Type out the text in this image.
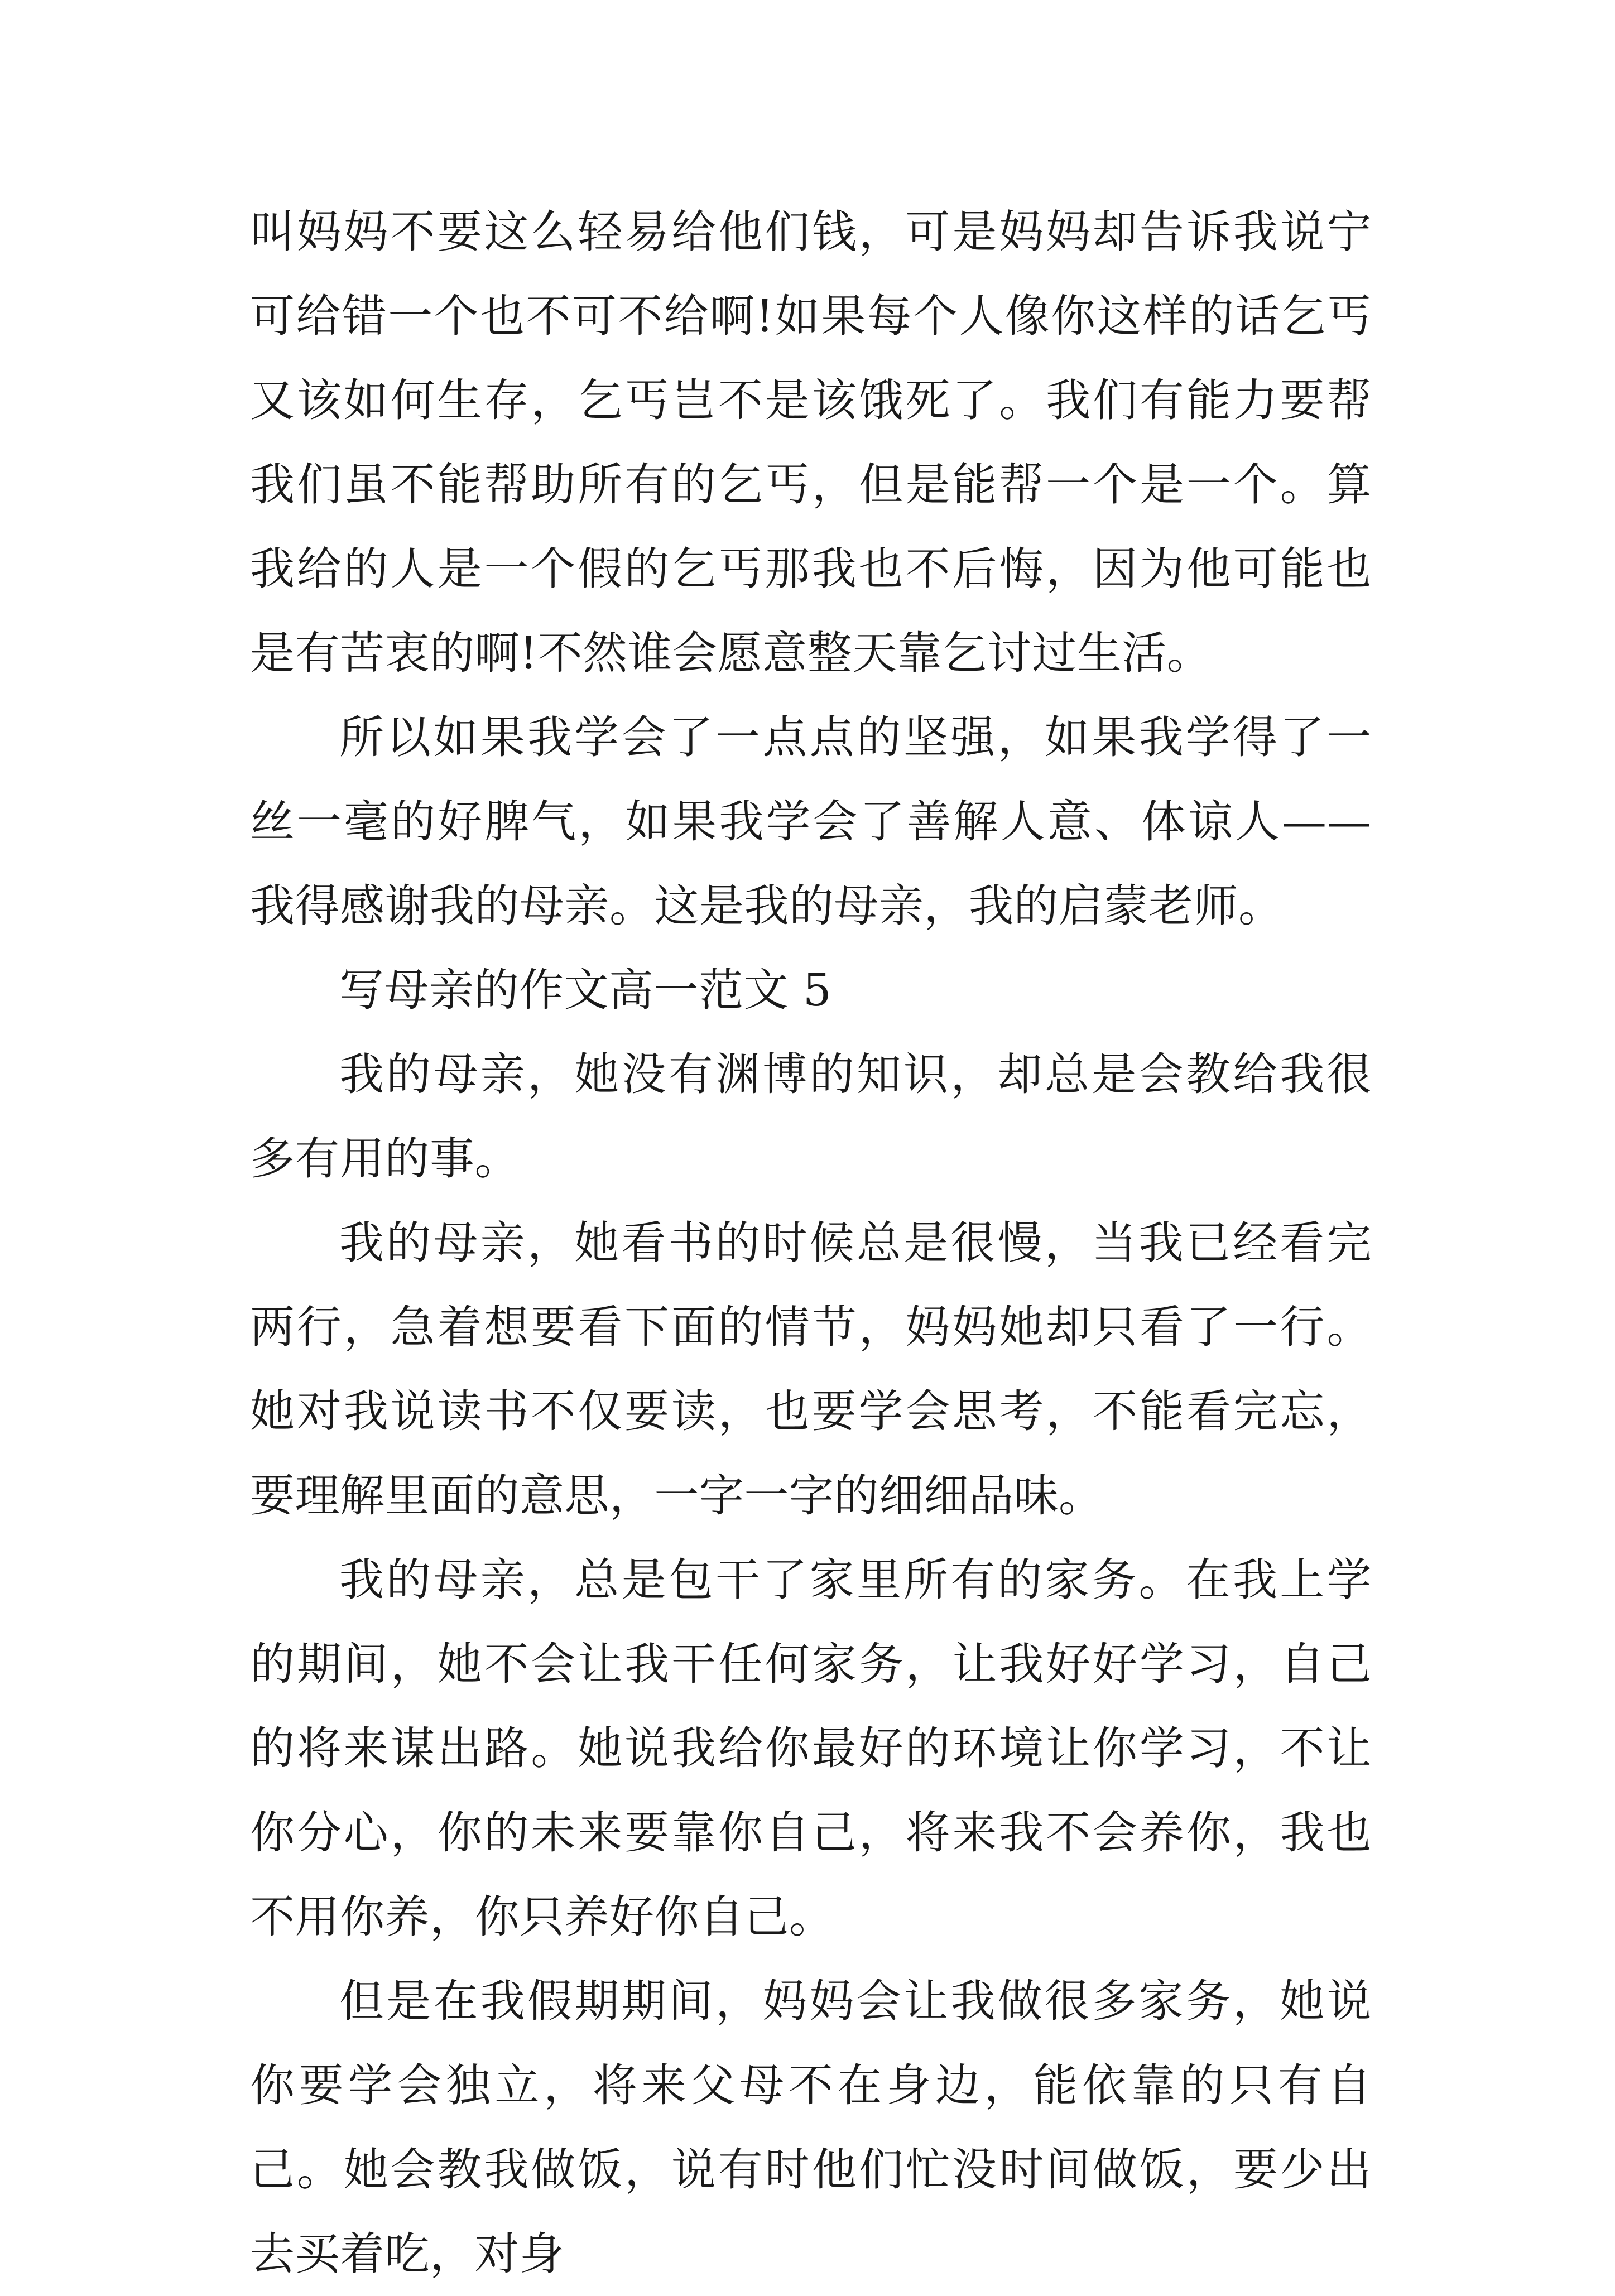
叫妈妈不要这么轻易给他们钱，可是妈妈却告诉我说宁可给错一个也不可不给啊!如果每个人像你这样的话乞丐又该如何生存，乞丐岂不是该饿死了。我们有能力要帮我们虽不能帮助所有的乞丐，但是能帮一个是一个。算我给的人是一个假的乞丐那我也不后悔，因为他可能也是有苦衷的啊!不然谁会愿意整天靠乞讨过生活。

所以如果我学会了一点点的坚强，如果我学得了一丝一毫的好脾气，如果我学会了善解人意、体谅人——我得感谢我的母亲。这是我的母亲，我的启蒙老师。

写母亲的作文高一范文 5

我的母亲，她没有渊博的知识，却总是会教给我很多有用的事。

我的母亲，她看书的时候总是很慢，当我已经看完两行，急着想要看下面的情节，妈妈她却只看了一行。她对我说读书不仅要读，也要学会思考，不能看完忘，要理解里面的意思，一字一字的细细品味。

我的母亲，总是包干了家里所有的家务。在我上学的期间，她不会让我干任何家务，让我好好学习，自己的将来谋出路。她说我给你最好的环境让你学习，不让你分心，你的未来要靠你自己，将来我不会养你，我也不用你养，你只养好你自己。

但是在我假期期间，妈妈会让我做很多家务，她说你要学会独立，将来父母不在身边，能依靠的只有自己。她会教我做饭，说有时他们忙没时间做饭，要少出去买着吃，对身
